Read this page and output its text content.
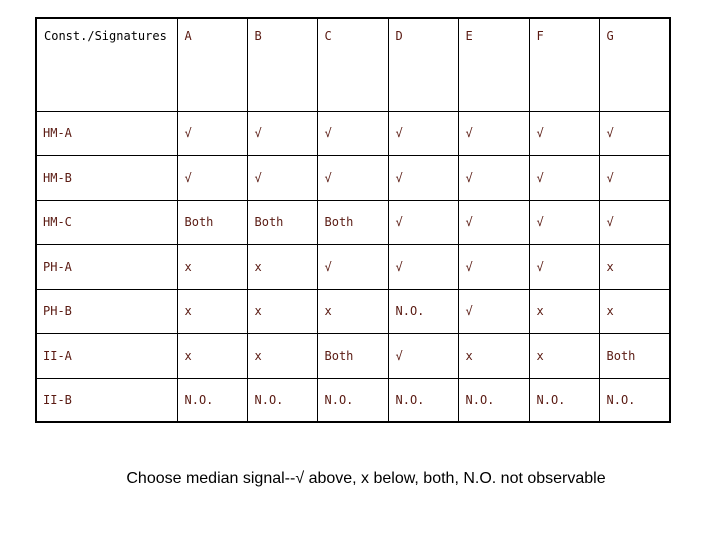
Const./Signatures	A	B	C	D	E	F	G
HM-A	√	√	√	√	√	√	√
HM-B	√	√	√	√	√	√	√
HM-C	Both	Both	Both	√	√	√	√
PH-A	x	x	√	√	√	√	x
PH-B	x	x	x	N.O.	√	x	x
II-A	x	x	Both	√	x	x	Both
II-B	N.O.	N.O.	N.O.	N.O.	N.O.	N.O.	N.O.
Choose median signal--√ above, x below, both, N.O. not observable
